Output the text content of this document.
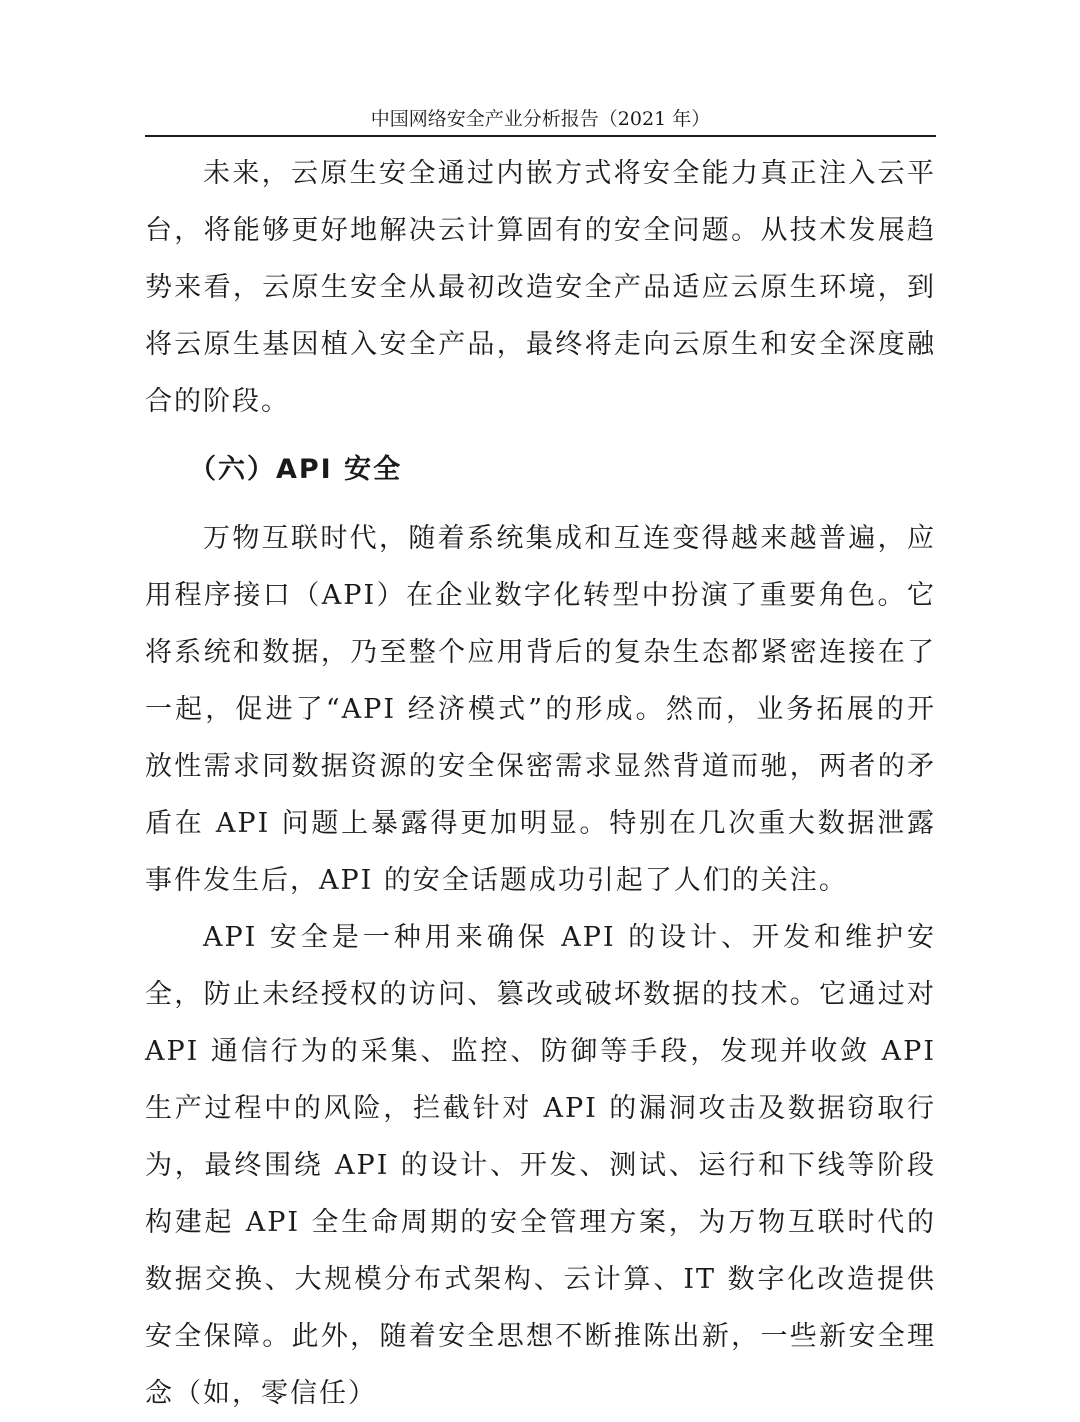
中国网络安全产业分析报告（2021 年）

未来，云原生安全通过内嵌方式将安全能力真正注入云平台，将能够更好地解决云计算固有的安全问题。从技术发展趋势来看，云原生安全从最初改造安全产品适应云原生环境，到将云原生基因植入安全产品，最终将走向云原生和安全深度融合的阶段。

（六）API 安全

万物互联时代，随着系统集成和互连变得越来越普遍，应用程序接口（API）在企业数字化转型中扮演了重要角色。它将系统和数据，乃至整个应用背后的复杂生态都紧密连接在了一起，促进了“API 经济模式”的形成。然而，业务拓展的开放性需求同数据资源的安全保密需求显然背道而驰，两者的矛盾在 API 问题上暴露得更加明显。特别在几次重大数据泄露事件发生后，API 的安全话题成功引起了人们的关注。

API 安全是一种用来确保 API 的设计、开发和维护安全，防止未经授权的访问、篡改或破坏数据的技术。它通过对 API 通信行为的采集、监控、防御等手段，发现并收敛 API 生产过程中的风险，拦截针对 API 的漏洞攻击及数据窃取行为，最终围绕 API 的设计、开发、测试、运行和下线等阶段构建起 API 全生命周期的安全管理方案，为万物互联时代的数据交换、大规模分布式架构、云计算、IT 数字化改造提供安全保障。此外，随着安全思想不断推陈出新，一些新安全理念（如，零信任）
